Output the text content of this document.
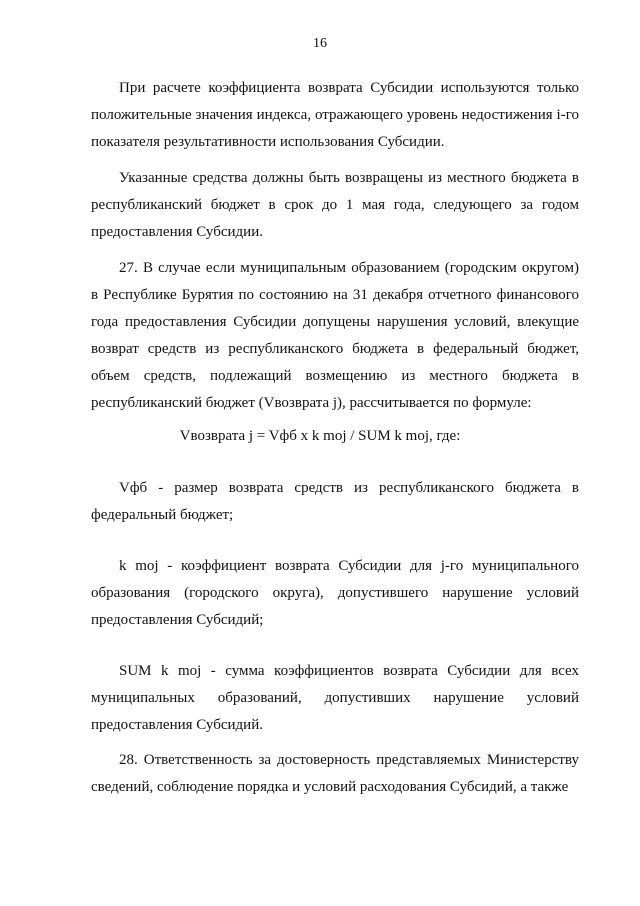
16

При расчете коэффициента возврата Субсидии используются только положительные значения индекса, отражающего уровень недостижения i-го показателя результативности использования Субсидии.

Указанные средства должны быть возвращены из местного бюджета в республиканский бюджет в срок до 1 мая года, следующего за годом предоставления Субсидии.

27. В случае если муниципальным образованием (городским округом) в Республике Бурятия по состоянию на 31 декабря отчетного финансового года предоставления Субсидии допущены нарушения условий, влекущие возврат средств из республиканского бюджета в федеральный бюджет, объем средств, подлежащий возмещению из местного бюджета в республиканский бюджет (Vвозврата j), рассчитывается по формуле:

Vвозврата j = Vфб x k moj / SUM k moj, где:

Vфб - размер возврата средств из республиканского бюджета в федеральный бюджет;

k moj - коэффициент возврата Субсидии для j-го муниципального образования (городского округа), допустившего нарушение условий предоставления Субсидий;

SUM k moj - сумма коэффициентов возврата Субсидии для всех муниципальных образований, допустивших нарушение условий предоставления Субсидий.

28. Ответственность за достоверность представляемых Министерству сведений, соблюдение порядка и условий расходования Субсидий, а также
